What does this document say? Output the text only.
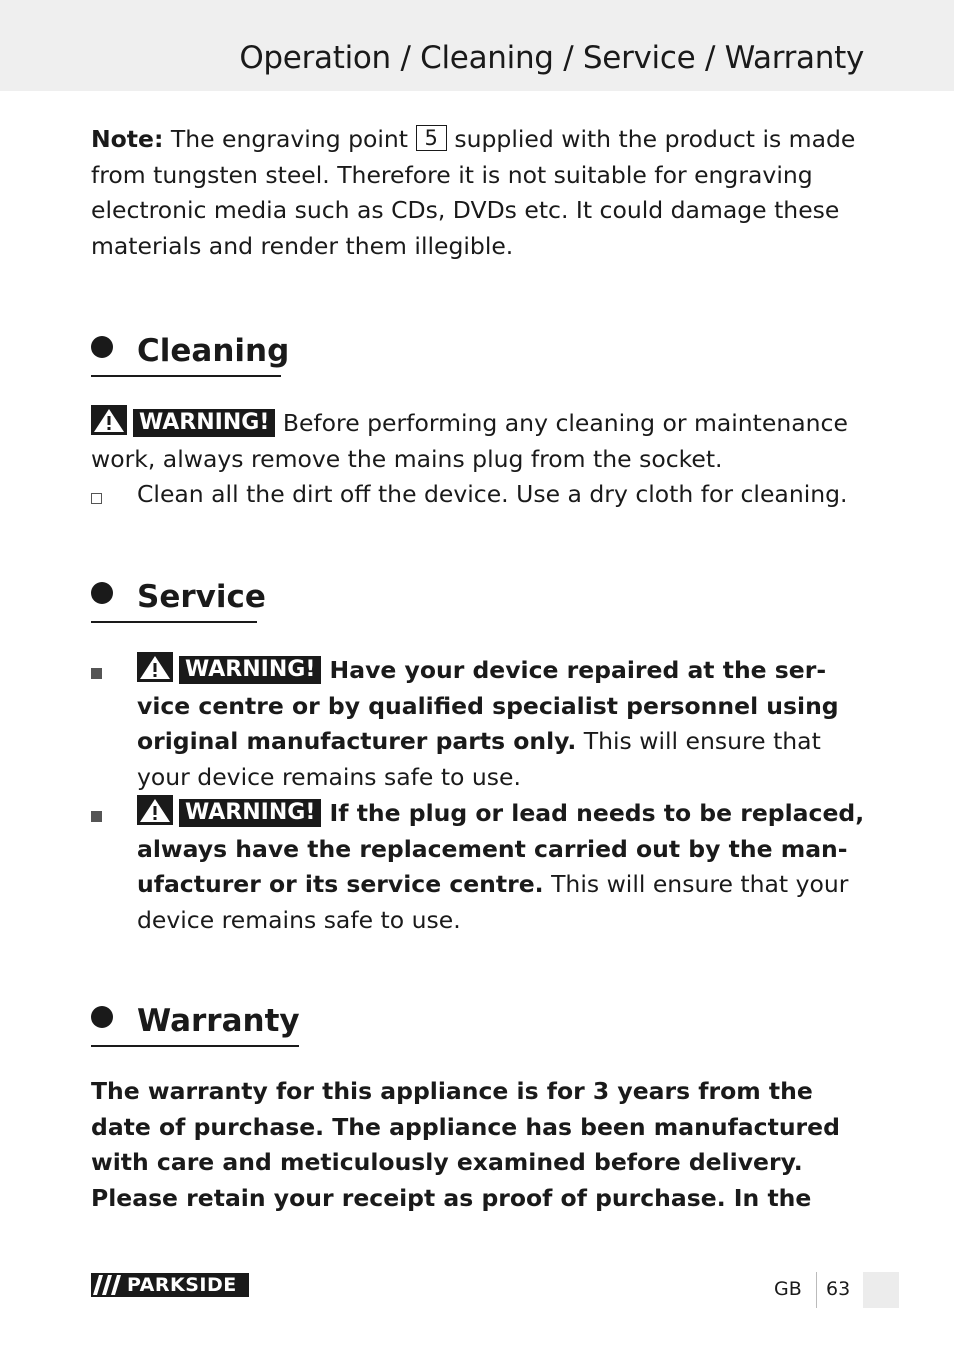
Operation / Cleaning / Service / Warranty

Note: The engraving point 5 supplied with the product is made from tungsten steel. Therefore it is not suitable for engraving electronic media such as CDs, DVDs etc. It could damage these materials and render them illegible.

Cleaning

WARNING! Before performing any cleaning or maintenance work, always remove the mains plug from the socket.

Clean all the dirt off the device. Use a dry cloth for cleaning.
Service
WARNING! Have your device repaired at the ser-vice centre or by qualified specialist personnel using original manufacturer parts only. This will ensure that your device remains safe to use.
WARNING! If the plug or lead needs to be replaced, always have the replacement carried out by the man-ufacturer or its service centre. This will ensure that your device remains safe to use.
Warranty

The warranty for this appliance is for 3 years from the date of purchase. The appliance has been manufactured with care and meticulously examined before delivery. Please retain your receipt as proof of purchase. In the

PARKSIDE	GB 63
